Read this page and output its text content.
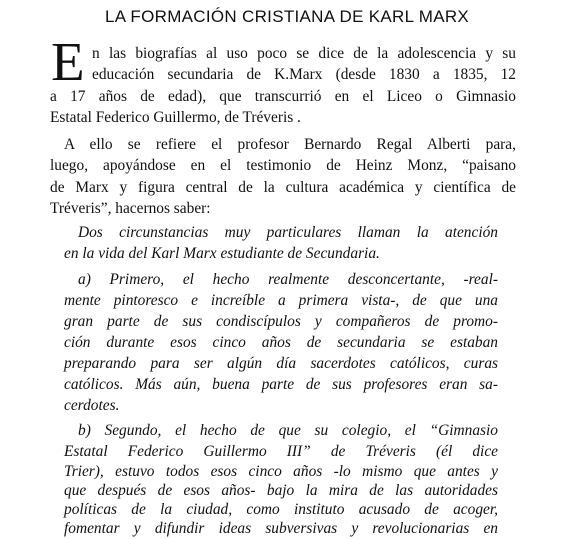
LA FORMACIÓN CRISTIANA DE KARL MARX
E n las biografías al uso poco se dice de la adolescencia y su
educación secundaria de K.Marx (desde 1830 a 1835, 12
a 17 años de edad), que transcurrió en el Liceo o Gimnasio
Estatal Federico Guillermo, de Tréveris .
A ello se refiere el profesor Bernardo Regal Alberti para,
luego, apoyándose en el testimonio de Heinz Monz, “paisano
de Marx y figura central de la cultura académica y científica de
Tréveris”, hacernos saber:
Dos circunstancias muy particulares llaman la atención
en la vida del Karl Marx estudiante de Secundaria.
a) Primero, el hecho realmente desconcertante, -real-
mente pintoresco e increíble a primera vista-, de que una
gran parte de sus condiscípulos y compañeros de promo-
ción durante esos cinco años de secundaria se estaban
preparando para ser algún día sacerdotes católicos, curas
católicos. Más aún, buena parte de sus profesores eran sa-
cerdotes.
b) Segundo, el hecho de que su colegio, el “Gimnasio
Estatal Federico Guillermo III” de Tréveris (él dice
Trier), estuvo todos esos cinco años -lo mismo que antes y
que después de esos años- bajo la mira de las autoridades
políticas de la ciudad, como instituto acusado de acoger,
fomentar y difundir ideas subversivas y revolucionarias en
